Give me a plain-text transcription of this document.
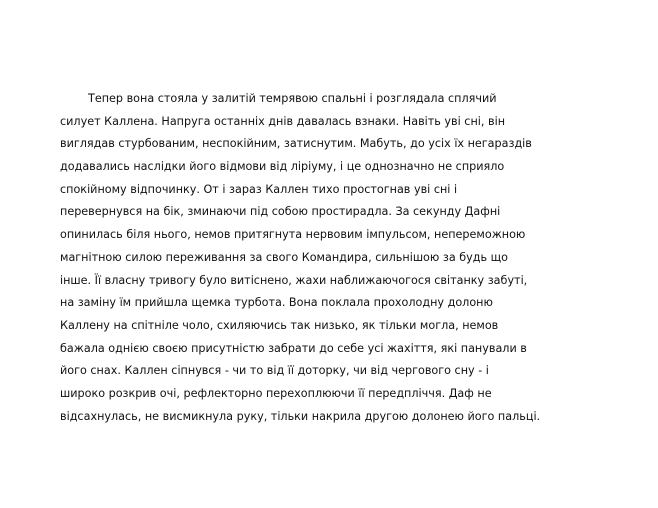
Тепер вона стояла у залитій темрявою спальні і розглядала сплячий
силует Каллена. Напруга останніх днів давалась взнаки. Навіть уві сні, він
виглядав стурбованим, неспокійним, затиснутим. Мабуть, до усіх їх негараздів
додавались наслідки його відмови від ліріуму, і це однозначно не сприяло
спокійному відпочинку. От і зараз Каллен тихо простогнав уві сні і
перевернувся на бік, зминаючи під собою простирадла. За секунду Дафні
опинилась біля нього, немов притягнута нервовим імпульсом, непереможною
магнітною силою переживання за свого Командира, сильнішою за будь що
інше. Її власну тривогу було витіснено, жахи наближаючогося світанку забуті,
на заміну їм прийшла щемка турбота. Вона поклала прохолодну долоню
Каллену на спітніле чоло, схиляючись так низько, як тільки могла, немов
бажала однією своєю присутністю забрати до себе усі жахіття, які панували в
його снах. Каллен сіпнувся - чи то від її доторку, чи від чергового сну - і
широко розкрив очі, рефлекторно перехоплюючи її передпліччя. Даф не
відсахнулась, не висмикнула руку, тільки накрила другою долонею його пальці.
